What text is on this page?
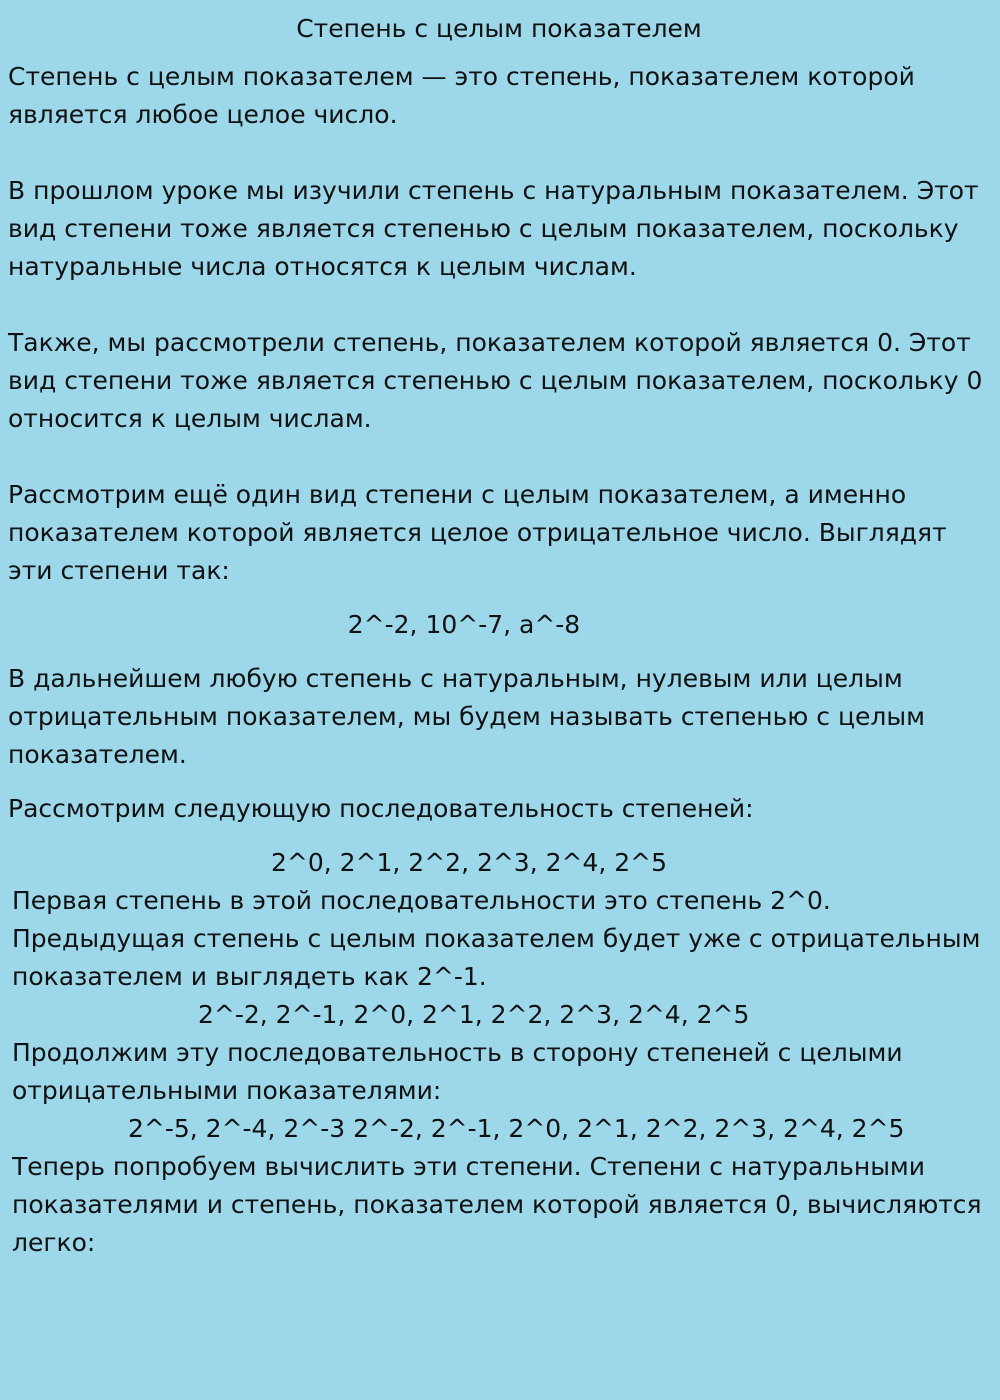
Степень с целым показателем

Степень с целым показателем — это степень, показателем которой является любое целое число.

В прошлом уроке мы изучили степень с натуральным показателем. Этот вид степени тоже является степенью с целым показателем, поскольку натуральные числа относятся к целым числам.

Также, мы рассмотрели степень, показателем которой является 0. Этот вид степени тоже является степенью с целым показателем, поскольку 0 относится к целым числам.

Рассмотрим ещё один вид степени с целым показателем, а именно показателем которой является целое отрицательное число. Выглядят эти степени так:

2^-2, 10^-7, a^-8

В дальнейшем любую степень с натуральным, нулевым или целым отрицательным показателем, мы будем называть степенью с целым показателем.

Рассмотрим следующую последовательность степеней:

2^0, 2^1, 2^2, 2^3, 2^4, 2^5

Первая степень в этой последовательности это степень 2^0.

Предыдущая степень с целым показателем будет уже с отрицательным показателем и выглядеть как 2^-1.

2^-2, 2^-1, 2^0, 2^1, 2^2, 2^3, 2^4, 2^5

Продолжим эту последовательность в сторону степеней с целыми отрицательными показателями:

2^-5, 2^-4, 2^-3 2^-2, 2^-1, 2^0, 2^1, 2^2, 2^3, 2^4, 2^5

Теперь попробуем вычислить эти степени. Степени с натуральными показателями и степень, показателем которой является 0, вычисляются легко:
